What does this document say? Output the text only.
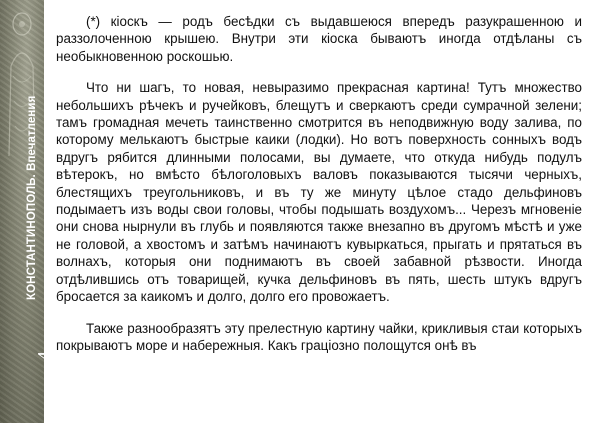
КОНСТАНТИНОПОЛЬ. Впечатления
Страница 4

(*) кіоскъ — родъ бесѣдки съ выдавшеюся впередъ разукрашенною и раззолоченною крышею. Внутри эти кіоска бываютъ иногда отдѣланы съ необыкновенною роскошью.

Что ни шагъ, то новая, невыразимо прекрасная картина! Тутъ множество небольшихъ рѣчекъ и ручейковъ, блещутъ и сверкаютъ среди сумрачной зелени; тамъ громадная мечеть таинственно смотрится въ неподвижную воду залива, по которому мелькаютъ быстрые каики (лодки). Но вотъ поверхность сонныхъ водъ вдругъ рябится длинными полосами, вы думаете, что откуда нибудь подулъ вѣтерокъ, но вмѣсто бѣлоголовыхъ валовъ показываются тысячи черныхъ, блестящихъ треугольниковъ, и въ ту же минуту цѣлое стадо дельфиновъ подымаетъ изъ воды свои головы, чтобы подышать воздухомъ... Черезъ мгновеніе они снова нырнули въ глубь и появляются также внезапно въ другомъ мѣстѣ и уже не головой, а хвостомъ и затѣмъ начинаютъ кувыркаться, прыгать и прятаться въ волнахъ, которыя они поднимаютъ въ своей забавной рѣзвости. Иногда отдѣлившись отъ товарищей, кучка дельфиновъ въ пять, шесть штукъ вдругъ бросается за каикомъ и долго, долго его провожаетъ.

Также разнообразятъ эту прелестную картину чайки, крикливыя стаи которыхъ покрываютъ море и набережныя. Какъ граціозно полощутся онѣ въ
